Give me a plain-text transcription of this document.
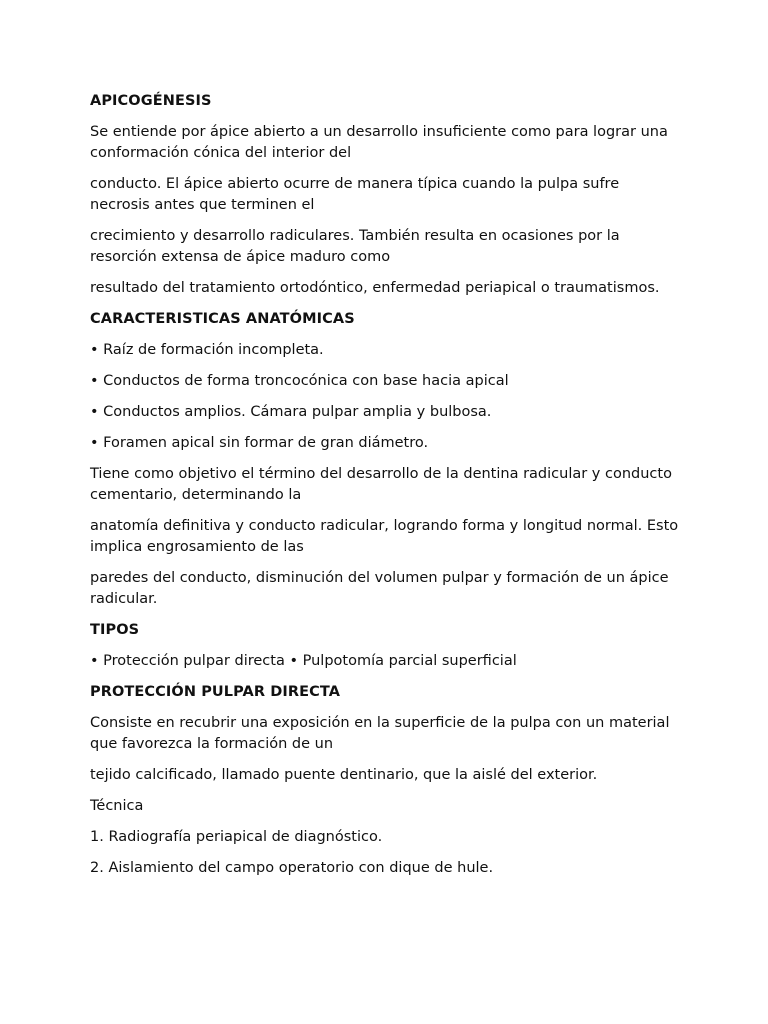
APICOGÉNESIS

Se entiende por ápice abierto a un desarrollo insuficiente como para lograr una conformación cónica del interior del

conducto. El ápice abierto ocurre de manera típica cuando la pulpa sufre necrosis antes que terminen el

crecimiento y desarrollo radiculares. También resulta en ocasiones por la resorción extensa de ápice maduro como

resultado del tratamiento ortodóntico, enfermedad periapical o traumatismos.

CARACTERISTICAS ANATÓMICAS

• Raíz de formación incompleta.

• Conductos de forma troncocónica con base hacia apical

• Conductos amplios. Cámara pulpar amplia y bulbosa.

• Foramen apical sin formar de gran diámetro.

Tiene como objetivo el término del desarrollo de la dentina radicular y conducto cementario, determinando la

anatomía definitiva y conducto radicular, logrando forma y longitud normal. Esto implica engrosamiento de las

paredes del conducto, disminución del volumen pulpar y formación de un ápice radicular.

TIPOS

• Protección pulpar directa • Pulpotomía parcial superficial

PROTECCIÓN PULPAR DIRECTA

Consiste en recubrir una exposición en la superficie de la pulpa con un material que favorezca la formación de un

tejido calcificado, llamado puente dentinario, que la aislé del exterior.

Técnica

1. Radiografía periapical de diagnóstico.

2. Aislamiento del campo operatorio con dique de hule.
